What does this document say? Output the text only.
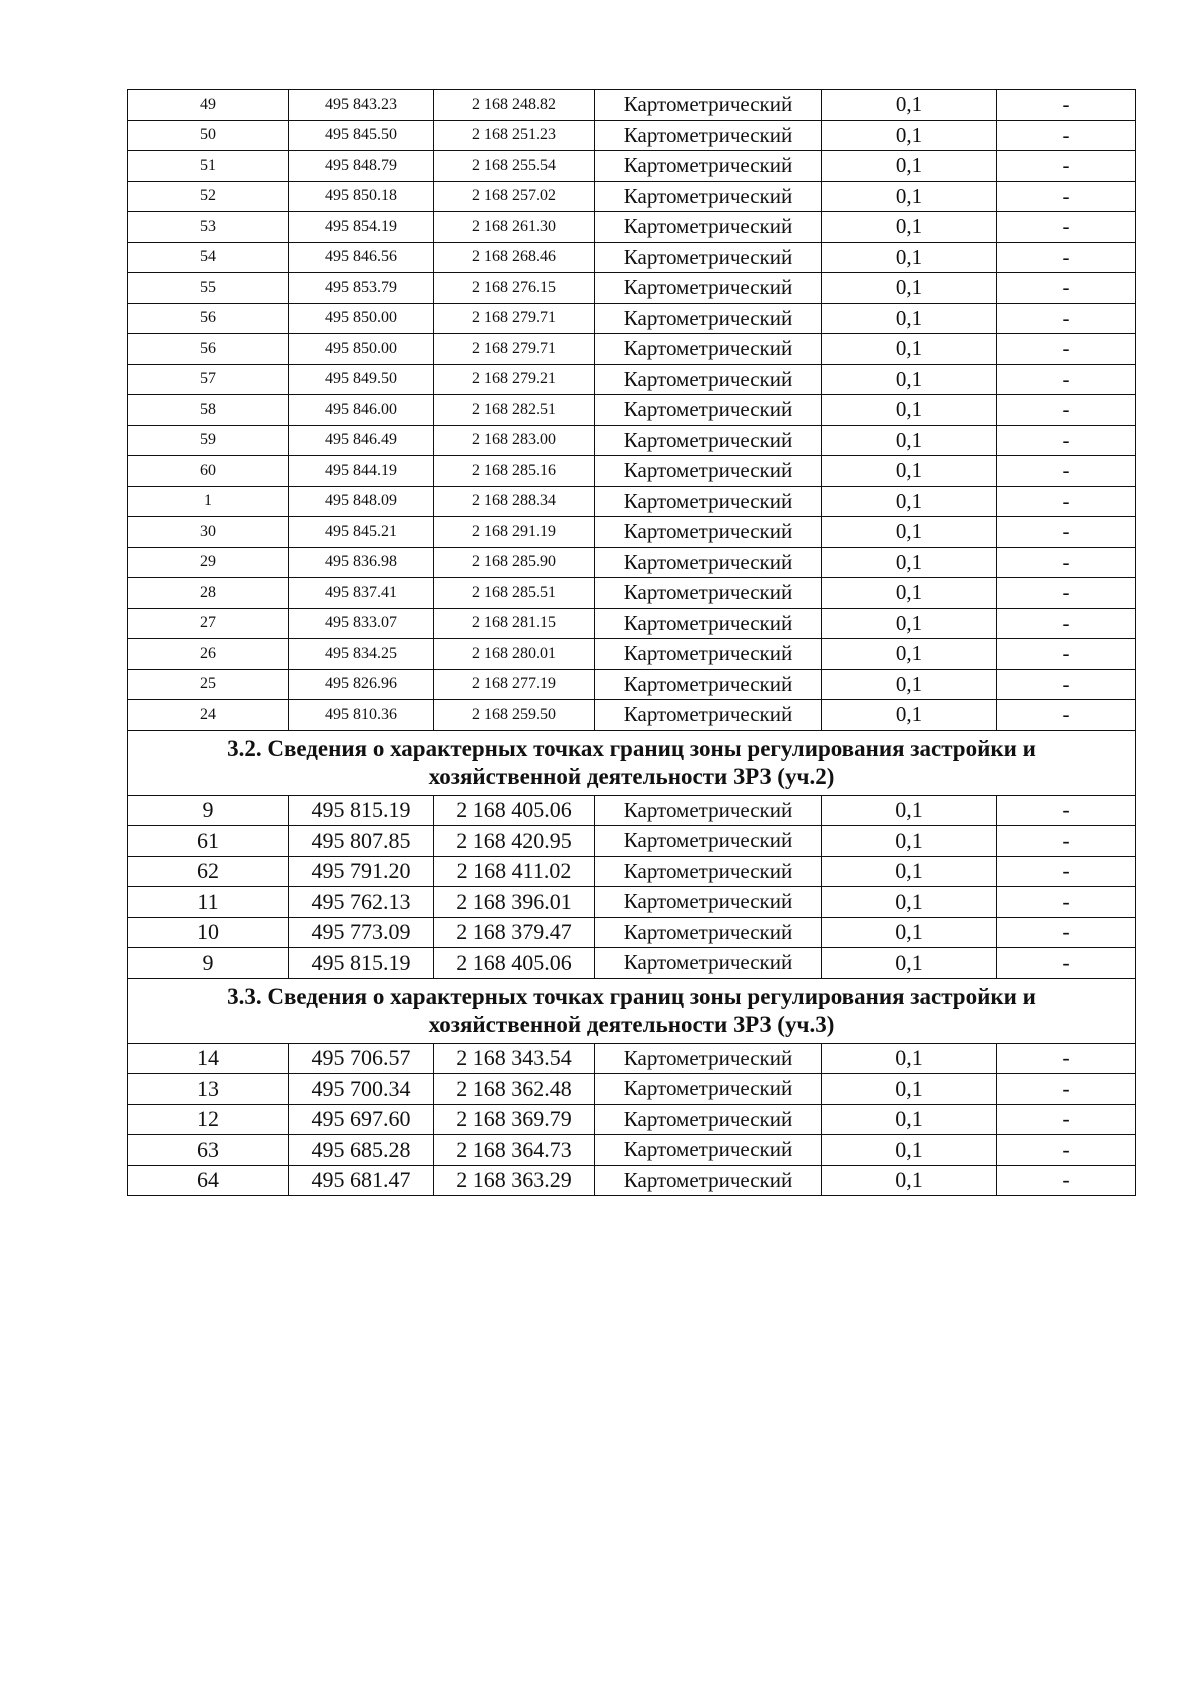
49	495 843.23	2 168 248.82	Картометрический	0,1	-
50	495 845.50	2 168 251.23	Картометрический	0,1	-
51	495 848.79	2 168 255.54	Картометрический	0,1	-
52	495 850.18	2 168 257.02	Картометрический	0,1	-
53	495 854.19	2 168 261.30	Картометрический	0,1	-
54	495 846.56	2 168 268.46	Картометрический	0,1	-
55	495 853.79	2 168 276.15	Картометрический	0,1	-
56	495 850.00	2 168 279.71	Картометрический	0,1	-
56	495 850.00	2 168 279.71	Картометрический	0,1	-
57	495 849.50	2 168 279.21	Картометрический	0,1	-
58	495 846.00	2 168 282.51	Картометрический	0,1	-
59	495 846.49	2 168 283.00	Картометрический	0,1	-
60	495 844.19	2 168 285.16	Картометрический	0,1	-
1	495 848.09	2 168 288.34	Картометрический	0,1	-
30	495 845.21	2 168 291.19	Картометрический	0,1	-
29	495 836.98	2 168 285.90	Картометрический	0,1	-
28	495 837.41	2 168 285.51	Картометрический	0,1	-
27	495 833.07	2 168 281.15	Картометрический	0,1	-
26	495 834.25	2 168 280.01	Картометрический	0,1	-
25	495 826.96	2 168 277.19	Картометрический	0,1	-
24	495 810.36	2 168 259.50	Картометрический	0,1	-

3.2. Сведения о характерных точках границ зоны регулирования застройки и
хозяйственной деятельности ЗРЗ (уч.2)					

9	495 815.19	2 168 405.06	Картометрический	0,1	-
61	495 807.85	2 168 420.95	Картометрический	0,1	-
62	495 791.20	2 168 411.02	Картометрический	0,1	-
11	495 762.13	2 168 396.01	Картометрический	0,1	-
10	495 773.09	2 168 379.47	Картометрический	0,1	-
9	495 815.19	2 168 405.06	Картометрический	0,1	-

3.3. Сведения о характерных точках границ зоны регулирования застройки и
хозяйственной деятельности ЗРЗ (уч.3)					

14	495 706.57	2 168 343.54	Картометрический	0,1	-
13	495 700.34	2 168 362.48	Картометрический	0,1	-
12	495 697.60	2 168 369.79	Картометрический	0,1	-
63	495 685.28	2 168 364.73	Картометрический	0,1	-
64	495 681.47	2 168 363.29	Картометрический	0,1	-
